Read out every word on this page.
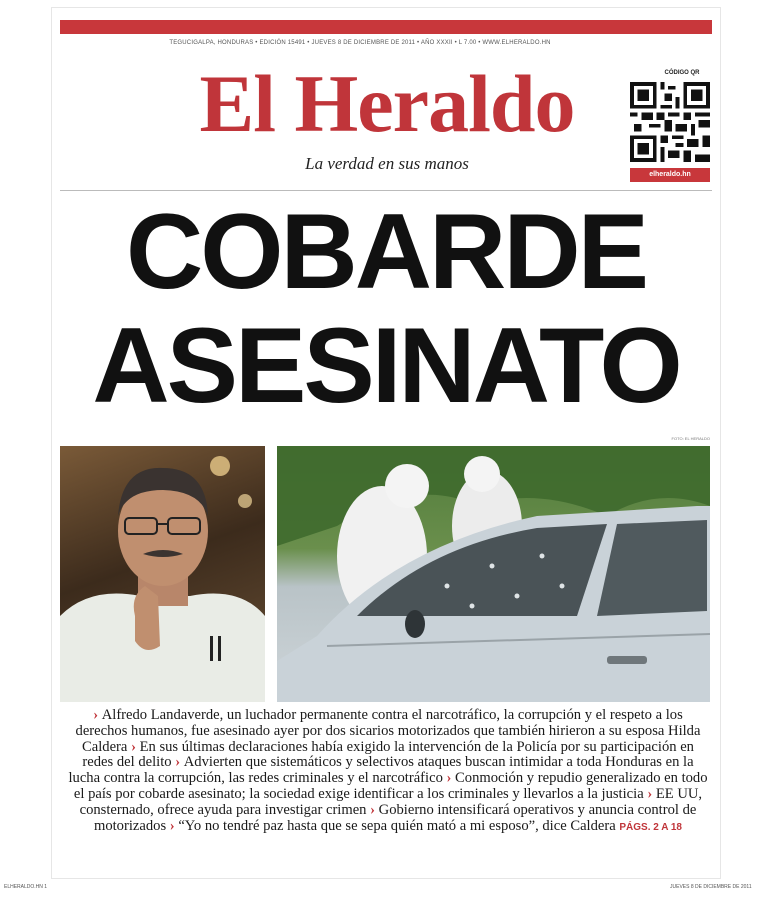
TEGUCIGALPA, HONDURAS • EDICIÓN 15491 • JUEVES 8 DE DICIEMBRE DE 2011 • AÑO XXXII • L 7.00 • WWW.ELHERALDO.HN
El Heraldo
La verdad en sus manos
CÓDIGO QR
elheraldo.hn
COBARDE
ASESINATO
FOTO: EL HERALDO
› Alfredo Landaverde, un luchador permanente contra el narcotráfico, la corrupción y el respeto a los derechos humanos, fue asesinado ayer por dos sicarios motorizados que también hirieron a su esposa Hilda Caldera › En sus últimas declaraciones había exigido la intervención de la Policía por su participación en redes del delito › Advierten que sistemáticos y selectivos ataques buscan intimidar a toda Honduras en la lucha contra la corrupción, las redes criminales y el narcotráfico › Conmoción y repudio generalizado en todo el país por cobarde asesinato; la sociedad exige identificar a los criminales y llevarlos a la justicia › EE UU, consternado, ofrece ayuda para investigar crimen › Gobierno intensificará operativos y anuncia control de motorizados › “Yo no tendré paz hasta que se sepa quién mató a mi esposo”, dice Caldera PÁGS. 2 A 18
ELHERALDO.HN 1	JUEVES 8 DE DICIEMBRE DE 2011
